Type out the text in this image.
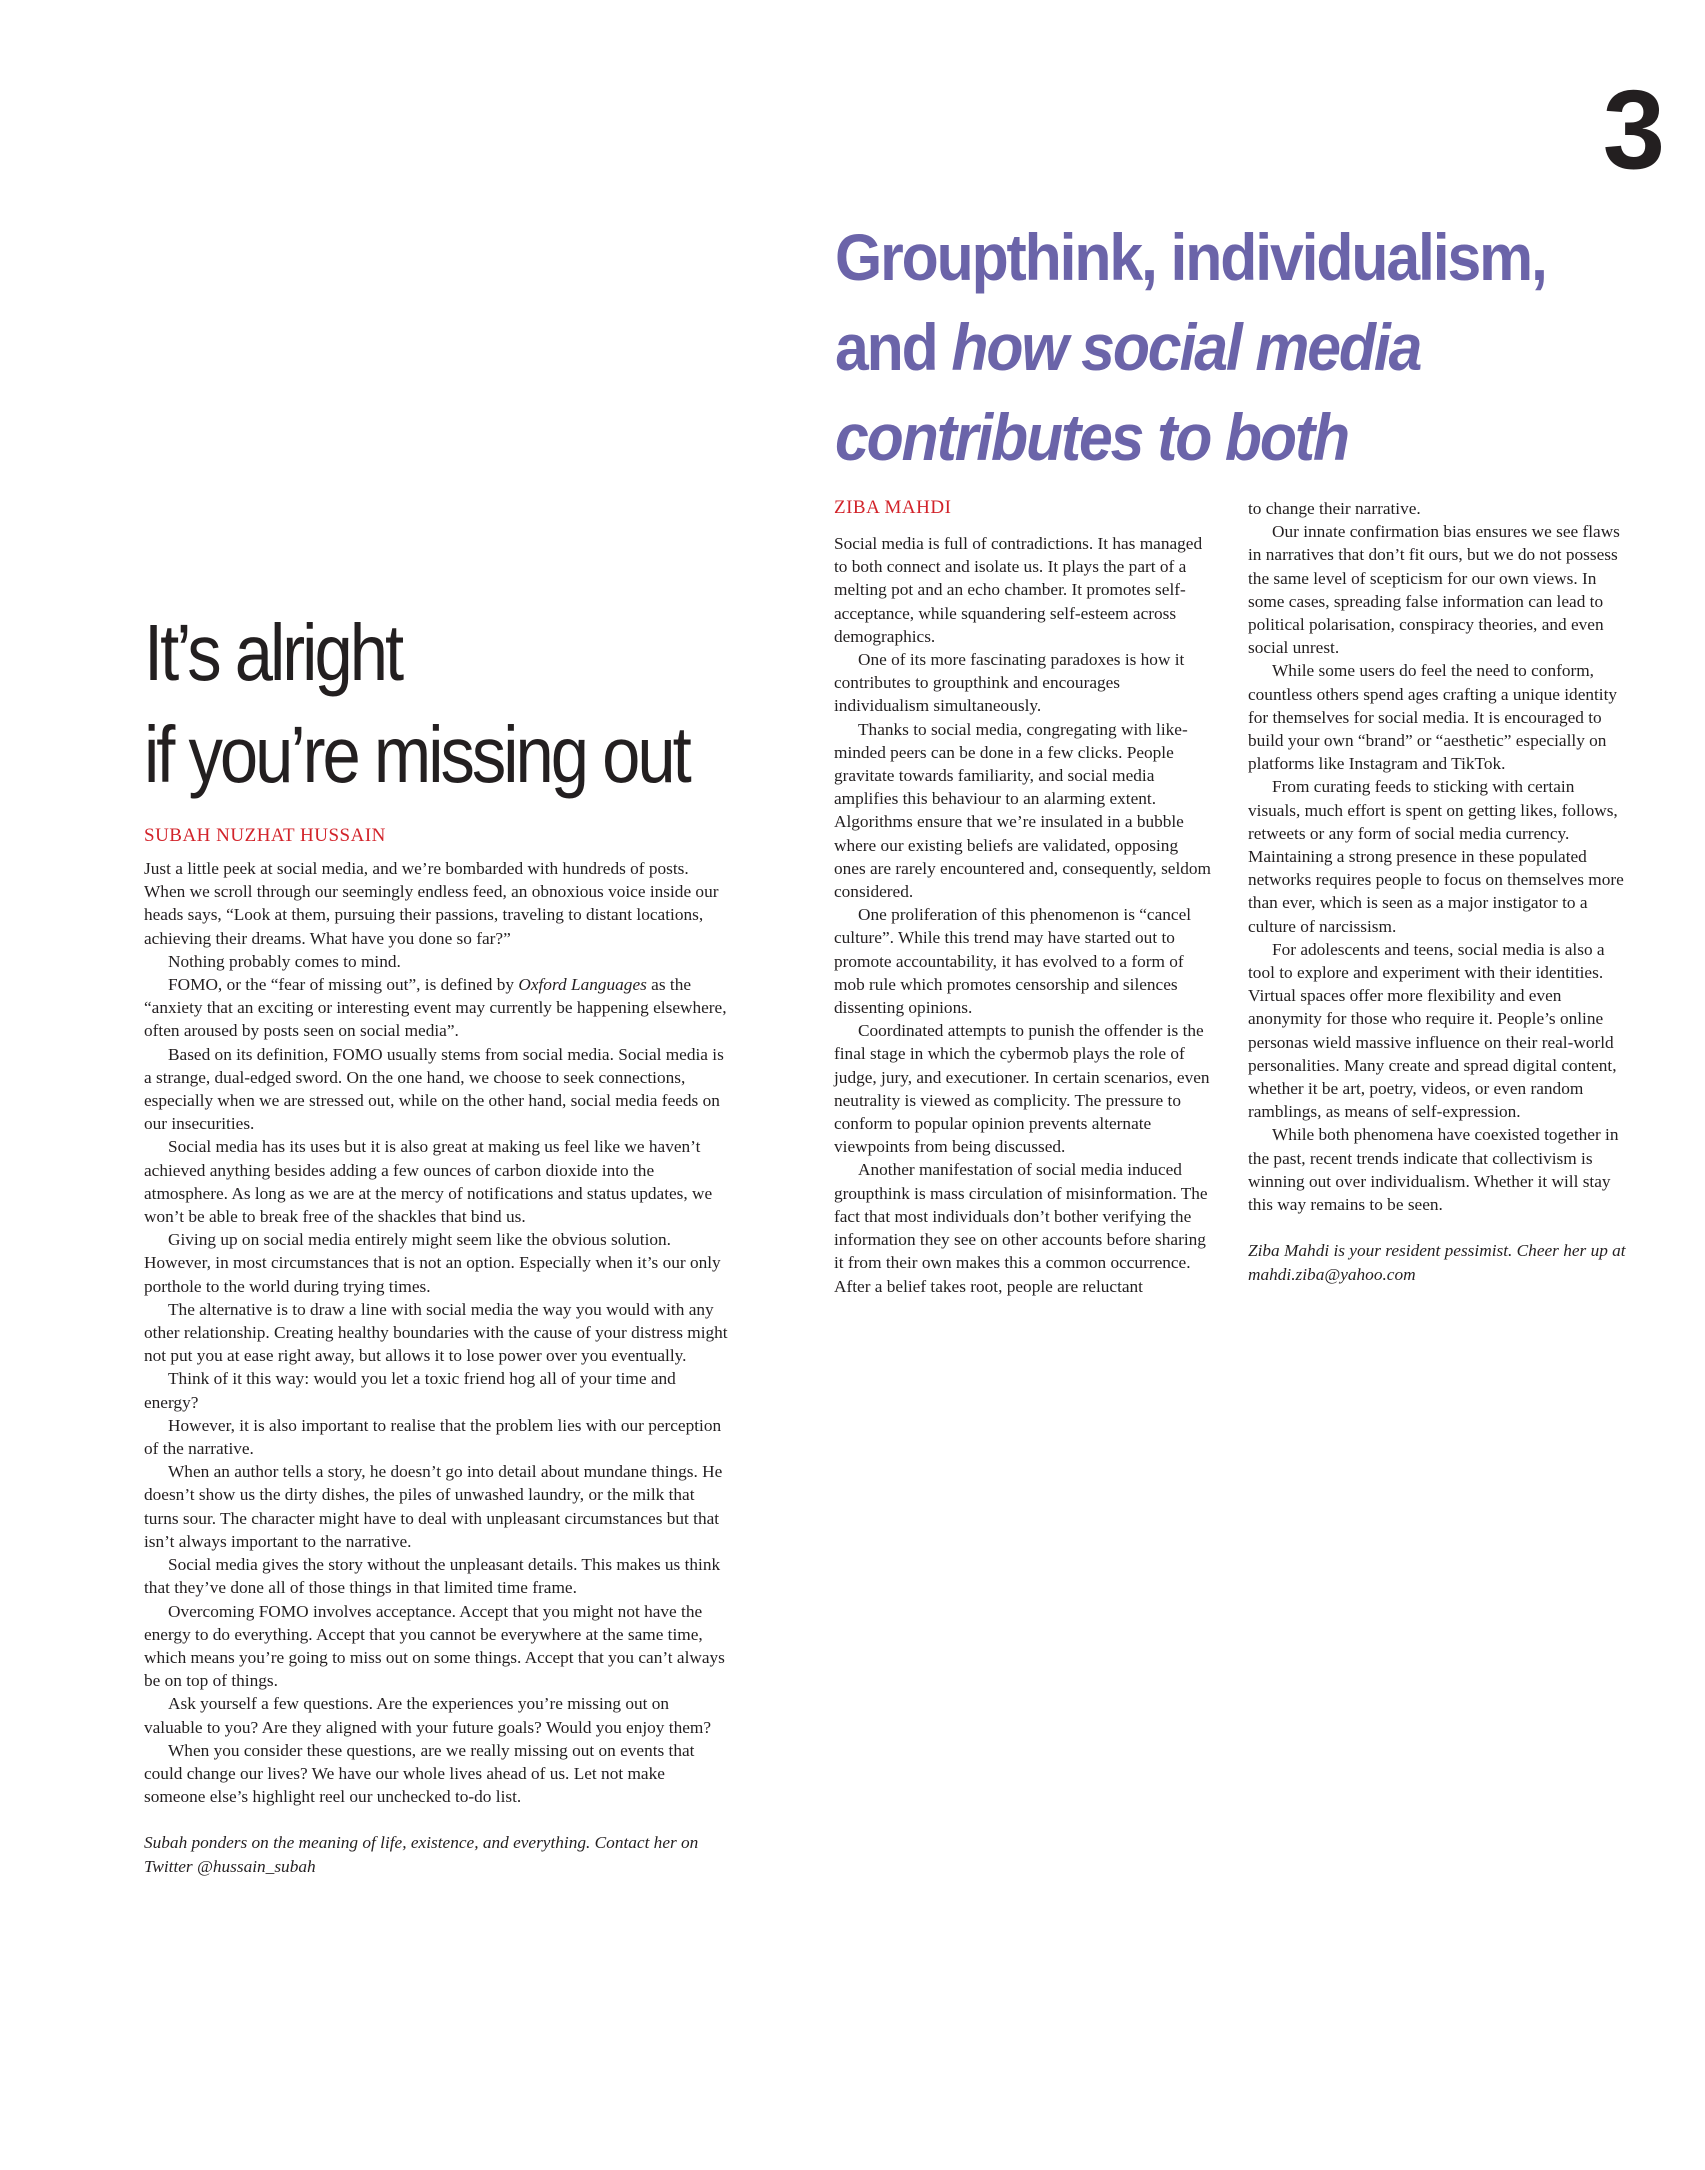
3
Groupthink, individualism,
and how social media
contributes to both
ZIBA MAHDI

Social media is full of contradictions. It has managed to both connect and isolate us. It plays the part of a melting pot and an echo chamber. It promotes self-acceptance, while squandering self-esteem across demographics.

One of its more fascinating paradoxes is how it contributes to groupthink and encourages individualism simultaneously.

Thanks to social media, congregating with like-minded peers can be done in a few clicks. People gravitate towards familiarity, and social media amplifies this behaviour to an alarming extent. Algorithms ensure that we’re insulated in a bubble where our existing beliefs are validated, opposing ones are rarely encountered and, consequently, seldom considered.

One proliferation of this phenomenon is “cancel culture”. While this trend may have started out to promote accountability, it has evolved to a form of mob rule which promotes censorship and silences dissenting opinions.

Coordinated attempts to punish the offender is the final stage in which the cybermob plays the role of judge, jury, and executioner. In certain scenarios, even neutrality is viewed as complicity. The pressure to conform to popular opinion prevents alternate viewpoints from being discussed.

Another manifestation of social media induced groupthink is mass circulation of misinformation. The fact that most individuals don’t bother verifying the information they see on other accounts before sharing it from their own makes this a common occurrence. After a belief takes root, people are reluctant

to change their narrative.

Our innate confirmation bias ensures we see flaws in narratives that don’t fit ours, but we do not possess the same level of scepticism for our own views. In some cases, spreading false information can lead to political polarisation, conspiracy theories, and even social unrest.

While some users do feel the need to conform, countless others spend ages crafting a unique identity for themselves for social media. It is encouraged to build your own “brand” or “aesthetic” especially on platforms like Instagram and TikTok.

From curating feeds to sticking with certain visuals, much effort is spent on getting likes, follows, retweets or any form of social media currency. Maintaining a strong presence in these populated networks requires people to focus on themselves more than ever, which is seen as a major instigator to a culture of narcissism.

For adolescents and teens, social media is also a tool to explore and experiment with their identities. Virtual spaces offer more flexibility and even anonymity for those who require it. People’s online personas wield massive influence on their real-world personalities. Many create and spread digital content, whether it be art, poetry, videos, or even random ramblings, as means of self-expression.

While both phenomena have coexisted together in the past, recent trends indicate that collectivism is winning out over individualism. Whether it will stay this way remains to be seen.

Ziba Mahdi is your resident pessimist. Cheer her up at mahdi.ziba@yahoo.com

It’s alright
if you’re missing out
SUBAH NUZHAT HUSSAIN

Just a little peek at social media, and we’re bombarded with hundreds of posts. When we scroll through our seemingly endless feed, an obnoxious voice inside our heads says, “Look at them, pursuing their passions, traveling to distant locations, achieving their dreams. What have you done so far?”

Nothing probably comes to mind.

FOMO, or the “fear of missing out”, is defined by Oxford Languages as the “anxiety that an exciting or interesting event may currently be happening elsewhere, often aroused by posts seen on social media”.

Based on its definition, FOMO usually stems from social media. Social media is a strange, dual-edged sword. On the one hand, we choose to seek connections, especially when we are stressed out, while on the other hand, social media feeds on our insecurities.

Social media has its uses but it is also great at making us feel like we haven’t achieved anything besides adding a few ounces of carbon dioxide into the atmosphere. As long as we are at the mercy of notifications and status updates, we won’t be able to break free of the shackles that bind us.

Giving up on social media entirely might seem like the obvious solution. However, in most circumstances that is not an option. Especially when it’s our only porthole to the world during trying times.

The alternative is to draw a line with social media the way you would with any other relationship. Creating healthy boundaries with the cause of your distress might not put you at ease right away, but allows it to lose power over you eventually.

Think of it this way: would you let a toxic friend hog all of your time and energy?

However, it is also important to realise that the problem lies with our perception of the narrative.

When an author tells a story, he doesn’t go into detail about mundane things. He doesn’t show us the dirty dishes, the piles of unwashed laundry, or the milk that turns sour. The character might have to deal with unpleasant circumstances but that isn’t always important to the narrative.

Social media gives the story without the unpleasant details. This makes us think that they’ve done all of those things in that limited time frame.

Overcoming FOMO involves acceptance. Accept that you might not have the energy to do everything. Accept that you cannot be everywhere at the same time, which means you’re going to miss out on some things. Accept that you can’t always be on top of things.

Ask yourself a few questions. Are the experiences you’re missing out on valuable to you? Are they aligned with your future goals? Would you enjoy them?

When you consider these questions, are we really missing out on events that could change our lives? We have our whole lives ahead of us. Let not make someone else’s highlight reel our unchecked to-do list.

Subah ponders on the meaning of life, existence, and everything. Contact her on Twitter @hussain_subah
